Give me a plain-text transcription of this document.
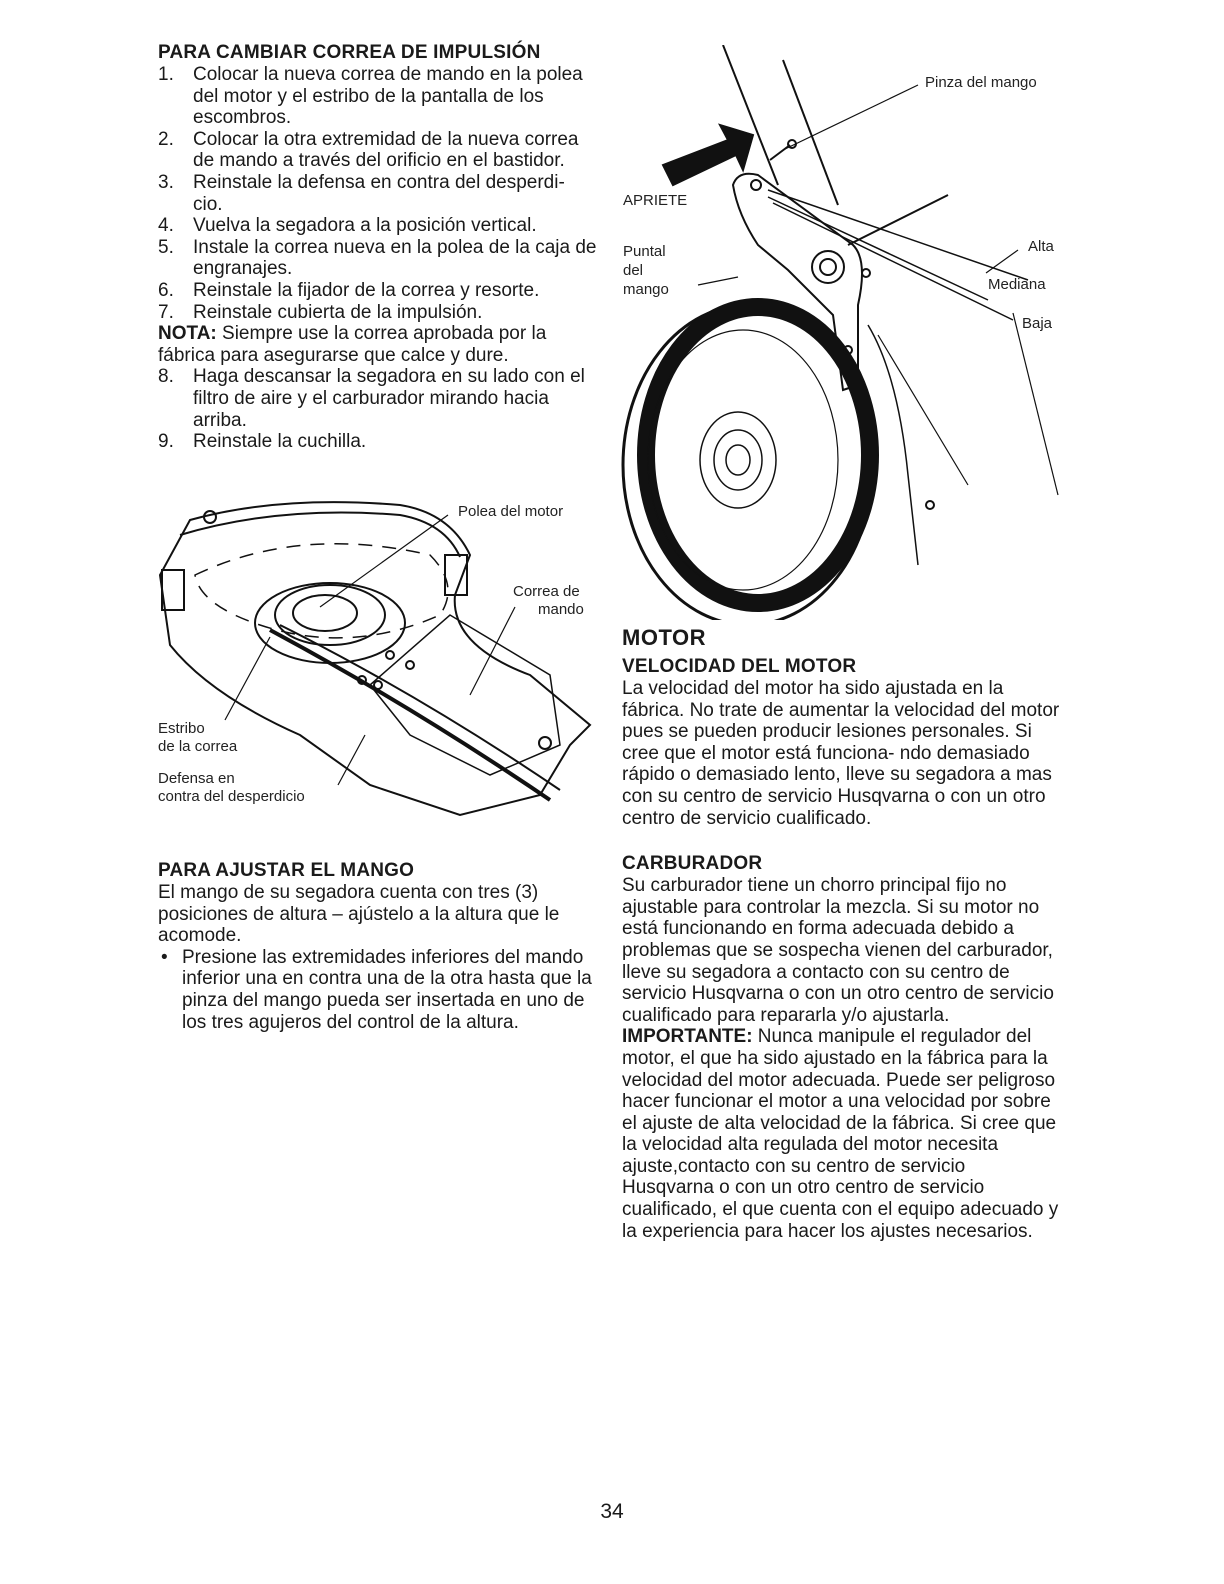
PARA CAMBIAR CORREA DE IMPULSIÓN
1. Colocar la nueva correa de mando en la polea del motor y el estribo de la pantalla de los escombros.
2. Colocar la otra extremidad de la nueva correa de mando a través del orificio en el bastidor.
3. Reinstale la defensa en contra del desperdi- cio.
4. Vuelva la segadora a la posición vertical.
5. Instale la correa nueva en la polea de la caja de engranajes.
6. Reinstale la fijador de la correa y resorte.
7. Reinstale cubierta de la impulsión.

NOTA: Siempre use la correa aprobada por la fábrica para asegurarse que calce y dure.

8. Haga descansar la segadora en su lado con el filtro de aire y el carburador mirando hacia arriba.
9. Reinstale la cuchilla.
Polea del motor
Correa de
mando
Estribo
de la correa
Defensa en
contra del desperdicio
PARA AJUSTAR EL MANGO

El mango de su segadora cuenta con tres (3) posiciones de altura – ajústelo a la altura que le acomode.

• Presione las extremidades inferiores del mando inferior una en contra una de la otra hasta que la pinza del mango pueda ser insertada en uno de los tres agujeros del control de la altura.
Pinza del mango
APRIETE
Puntal
del
mango
Alta
Mediana
Baja
MOTOR
VELOCIDAD DEL MOTOR

La velocidad del motor ha sido ajustada en la fábrica. No trate de aumentar la velocidad del motor pues se pueden producir lesiones personales. Si cree que el motor está funciona- ndo demasiado rápido o demasiado lento, lleve su segadora a mas con su centro de servicio Husqvarna o con un otro centro de servicio cualificado.

CARBURADOR

Su carburador tiene un chorro principal fijo no ajustable para controlar la mezcla. Si su motor no está funcionando en forma adecuada debido a problemas que se sospecha vienen del carburador, lleve su segadora a contacto con su centro de servicio Husqvarna o con un otro centro de servicio cualificado para repararla y/o ajustarla.

IMPORTANTE: Nunca manipule el regulador del motor, el que ha sido ajustado en la fábrica para la velocidad del motor adecuada. Puede ser peligroso hacer funcionar el motor a una velocidad por sobre el ajuste de alta velocidad de la fábrica. Si cree que la velocidad alta regulada del motor necesita ajuste,contacto con su centro de servicio Husqvarna o con un otro centro de servicio cualificado, el que cuenta con el equipo adecuado y la experiencia para hacer los ajustes necesarios.

34
